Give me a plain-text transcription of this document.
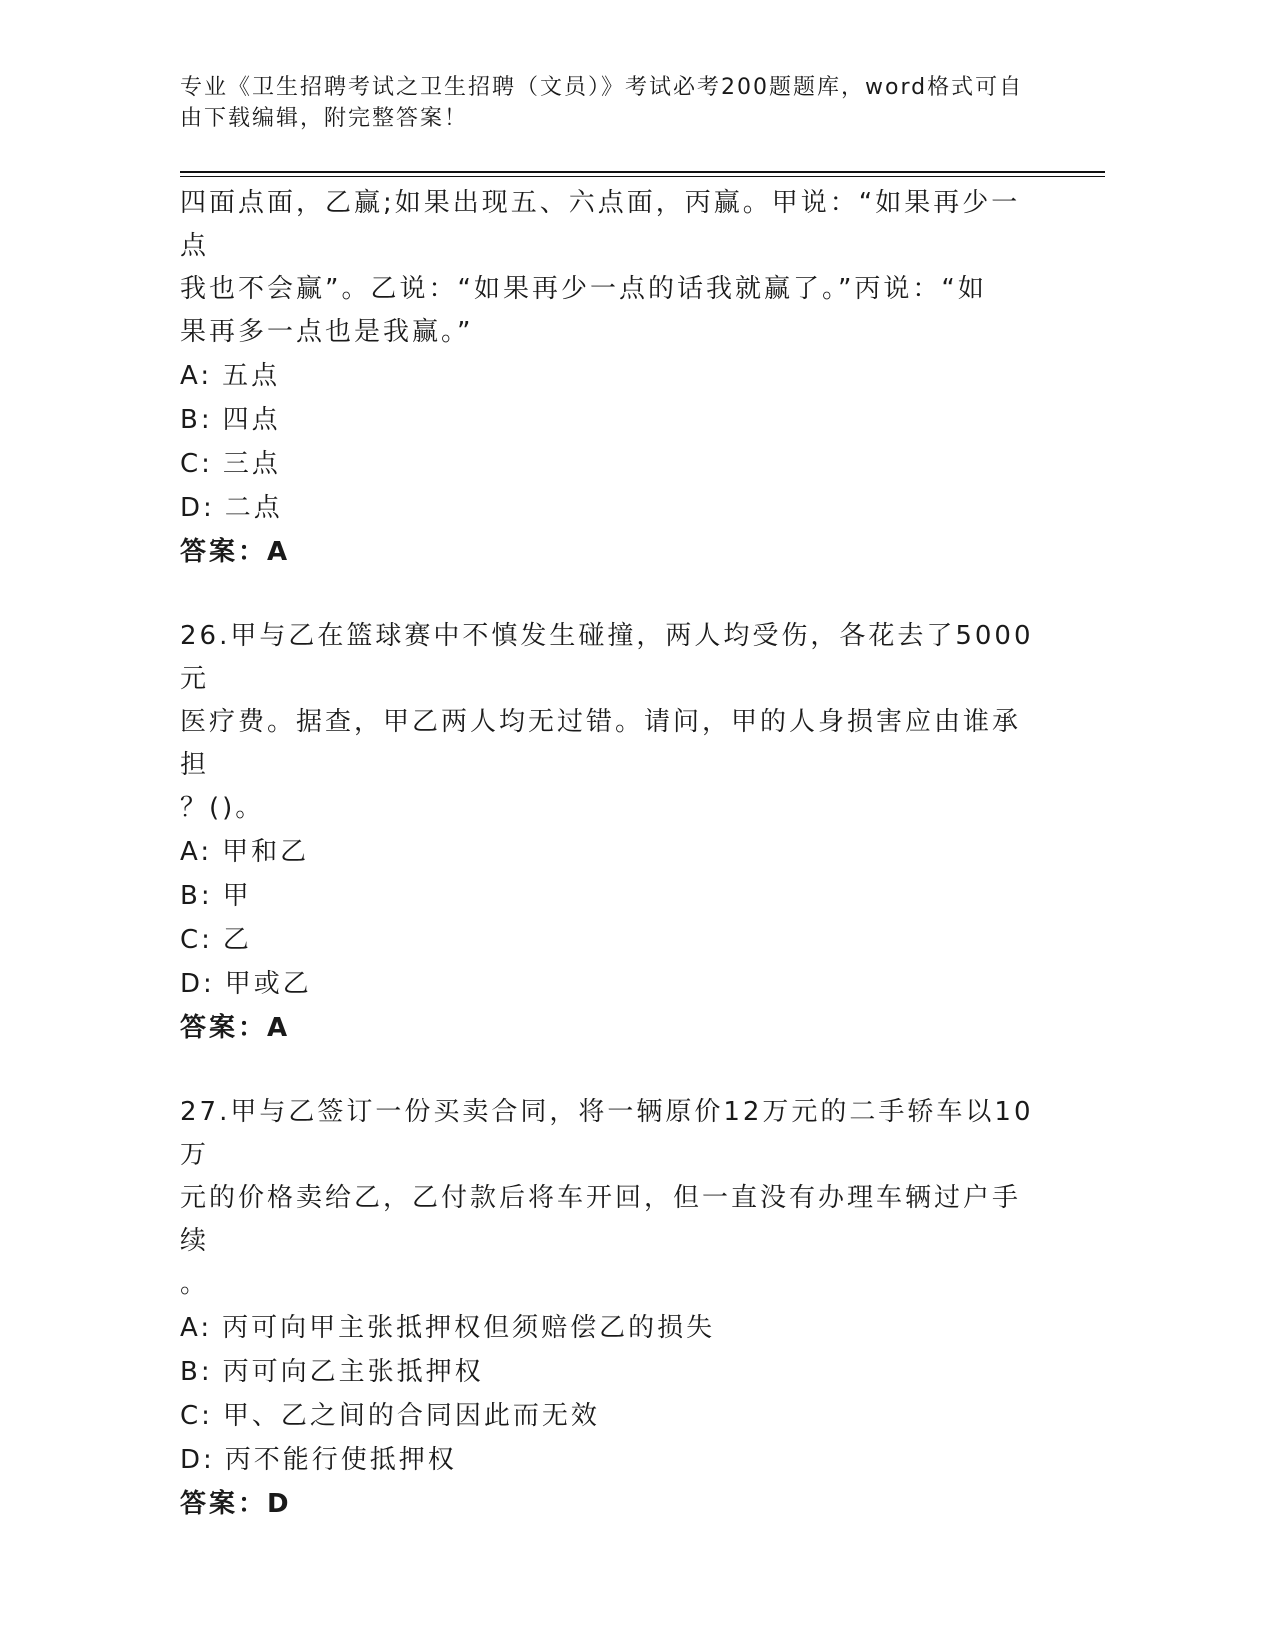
专业《卫生招聘考试之卫生招聘（文员）》考试必考200题题库，word格式可自
由下载编辑，附完整答案！

四面点面，乙赢;如果出现五、六点面，丙赢。甲说：“如果再少一点

我也不会赢”。乙说：“如果再少一点的话我就赢了。”丙说：“如

果再多一点也是我赢。”

A: 五点

B: 四点

C: 三点

D: 二点

答案：A

26.甲与乙在篮球赛中不慎发生碰撞，两人均受伤，各花去了5000元

医疗费。据查，甲乙两人均无过错。请问，甲的人身损害应由谁承担

？()。

A: 甲和乙

B: 甲

C: 乙

D: 甲或乙

答案：A

27.甲与乙签订一份买卖合同，将一辆原价12万元的二手轿车以10万

元的价格卖给乙，乙付款后将车开回，但一直没有办理车辆过户手续

。

A: 丙可向甲主张抵押权但须赔偿乙的损失

B: 丙可向乙主张抵押权

C: 甲、乙之间的合同因此而无效

D: 丙不能行使抵押权

答案：D
